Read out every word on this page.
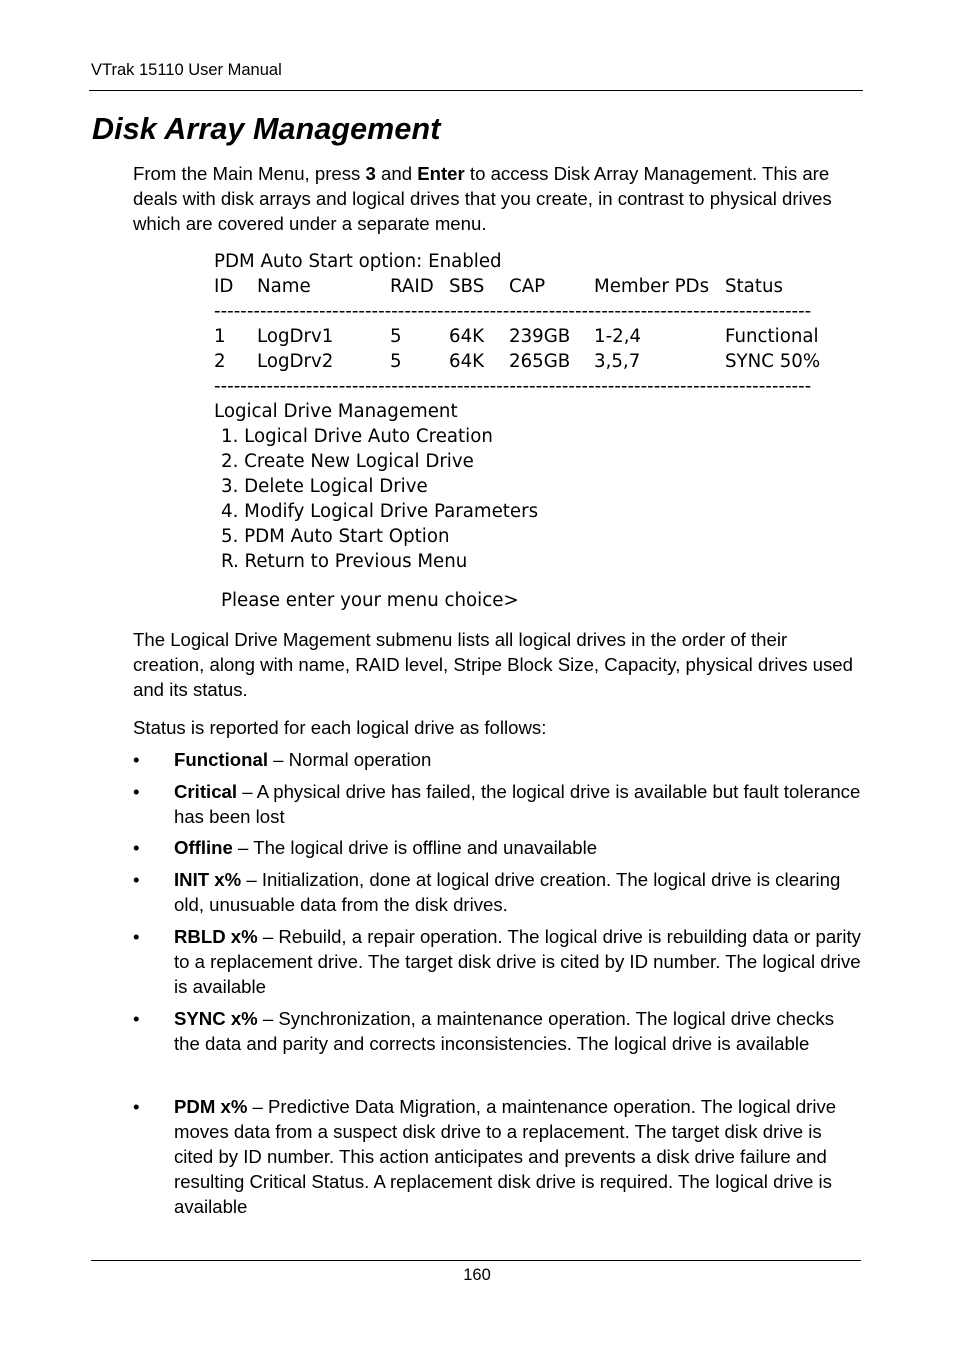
VTrak 15110 User Manual
Disk Array Management

From the Main Menu, press 3 and Enter to access Disk Array Management. This are deals with disk arrays and logical drives that you create, in contrast to physical drives which are covered under a separate menu.

PDM Auto Start option: Enabled
ID Name	RAID SBS CAP	Member PDs Status
-------------------------------------------------------------------------------------------
1 LogDrv1	5	64K 239GB 1-2,4	Functional
2 LogDrv2	5	64K 265GB 3,5,7	SYNC 50%
-------------------------------------------------------------------------------------------
Logical Drive Management
1. Logical Drive Auto Creation
2. Create New Logical Drive
3. Delete Logical Drive
4. Modify Logical Drive Parameters
5. PDM Auto Start Option
R. Return to Previous Menu
Please enter your menu choice>

The Logical Drive Magement submenu lists all logical drives in the order of their creation, along with name, RAID level, Stripe Block Size, Capacity, physical drives used and its status.

Status is reported for each logical drive as follows:

• Functional – Normal operation
• Critical – A physical drive has failed, the logical drive is available but fault tolerance has been lost
• Offline – The logical drive is offline and unavailable
• INIT x% – Initialization, done at logical drive creation. The logical drive is clearing old, unusuable data from the disk drives.
• RBLD x% – Rebuild, a repair operation. The logical drive is rebuilding data or parity to a replacement drive. The target disk drive is cited by ID number. The logical drive is available
• SYNC x% – Synchronization, a maintenance operation. The logical drive checks the data and parity and corrects inconsistencies. The logical drive is available
• PDM x% – Predictive Data Migration, a maintenance operation. The logical drive moves data from a suspect disk drive to a replacement. The target disk drive is cited by ID number. This action anticipates and prevents a disk drive failure and resulting Critical Status. A replacement disk drive is required. The logical drive is available
160
